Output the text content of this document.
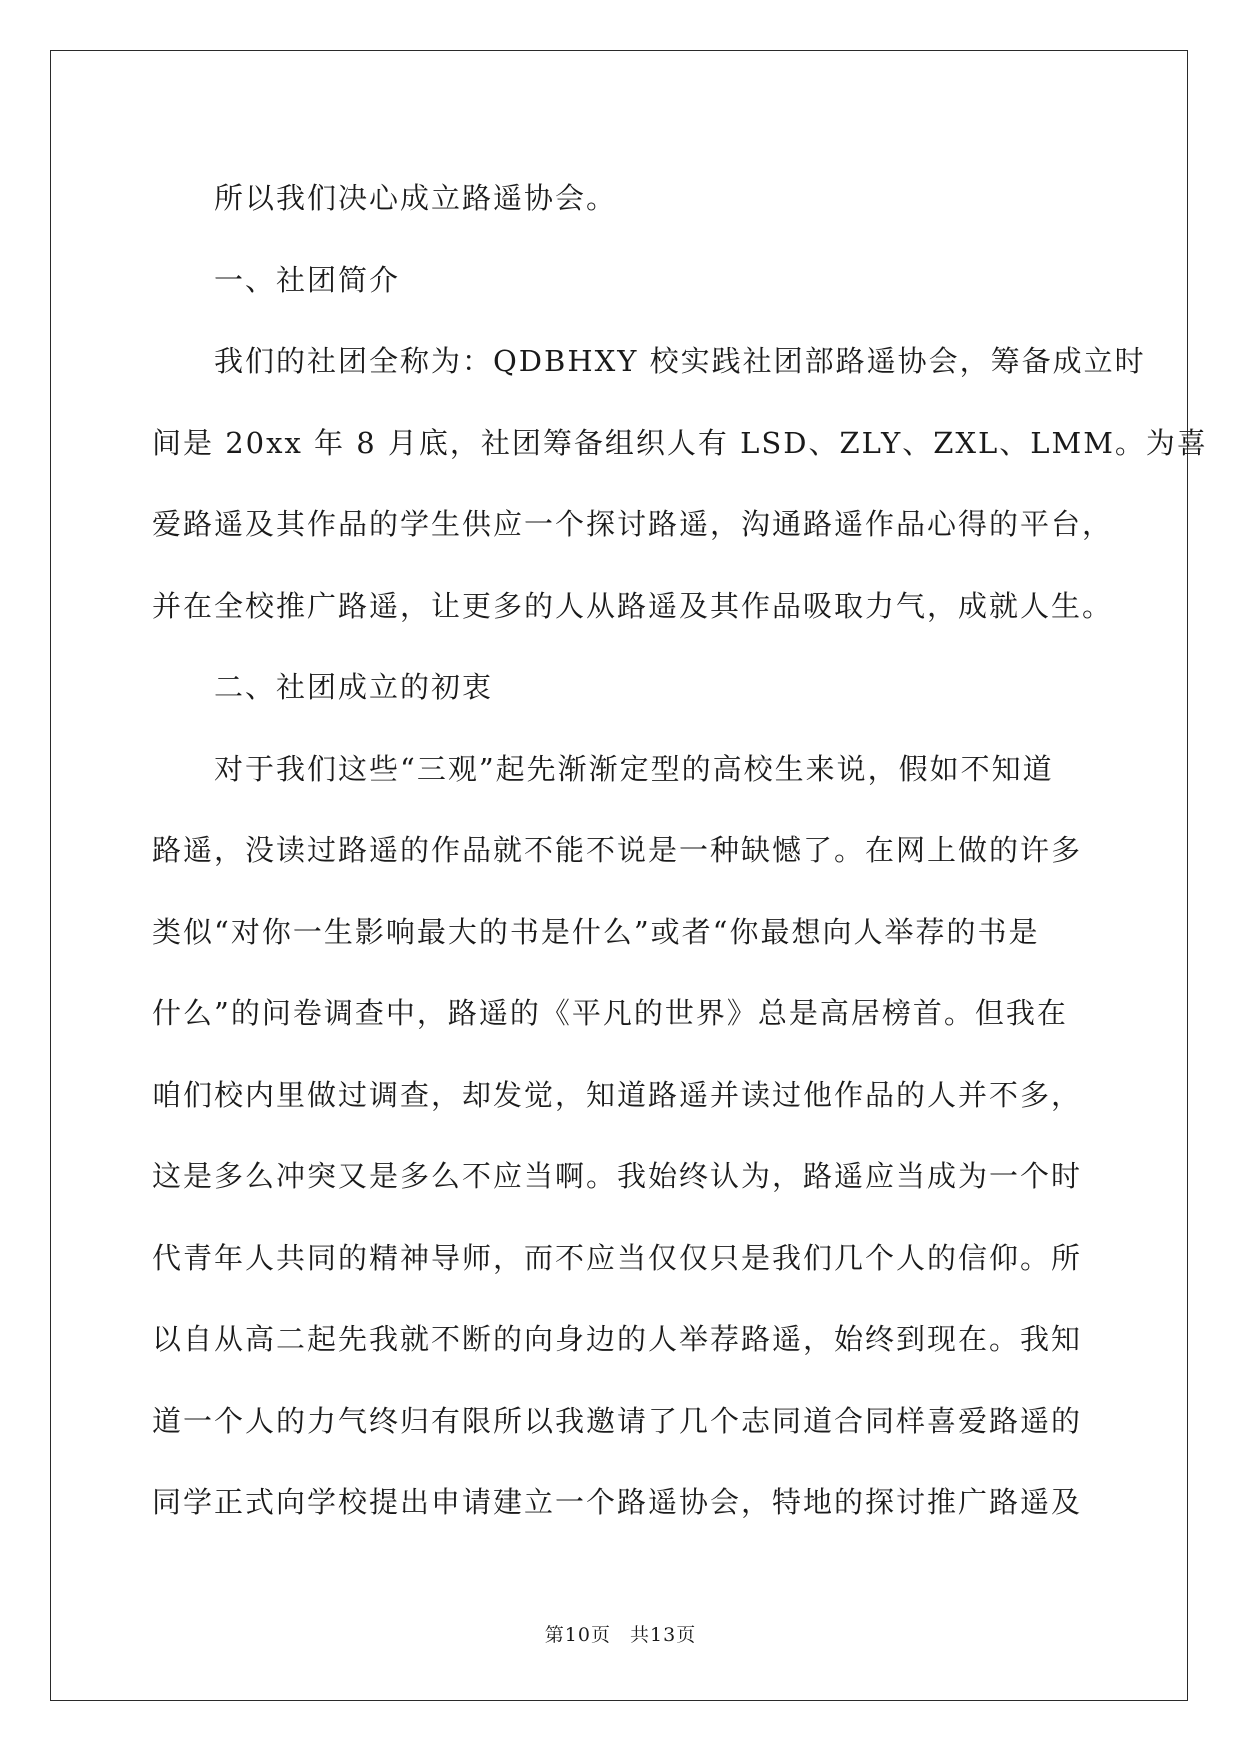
所以我们决心成立路遥协会。
一、社团简介
我们的社团全称为：QDBHXY 校实践社团部路遥协会，筹备成立时
间是 20xx 年 8 月底，社团筹备组织人有 LSD、ZLY、ZXL、LMM。为喜
爱路遥及其作品的学生供应一个探讨路遥，沟通路遥作品心得的平台，
并在全校推广路遥，让更多的人从路遥及其作品吸取力气，成就人生。
二、社团成立的初衷
对于我们这些“三观”起先渐渐定型的高校生来说，假如不知道
路遥，没读过路遥的作品就不能不说是一种缺憾了。在网上做的许多
类似“对你一生影响最大的书是什么”或者“你最想向人举荐的书是
什么”的问卷调查中，路遥的《平凡的世界》总是高居榜首。但我在
咱们校内里做过调查，却发觉，知道路遥并读过他作品的人并不多，
这是多么冲突又是多么不应当啊。我始终认为，路遥应当成为一个时
代青年人共同的精神导师，而不应当仅仅只是我们几个人的信仰。所
以自从高二起先我就不断的向身边的人举荐路遥，始终到现在。我知
道一个人的力气终归有限所以我邀请了几个志同道合同样喜爱路遥的
同学正式向学校提出申请建立一个路遥协会，特地的探讨推广路遥及
第10页 共13页
